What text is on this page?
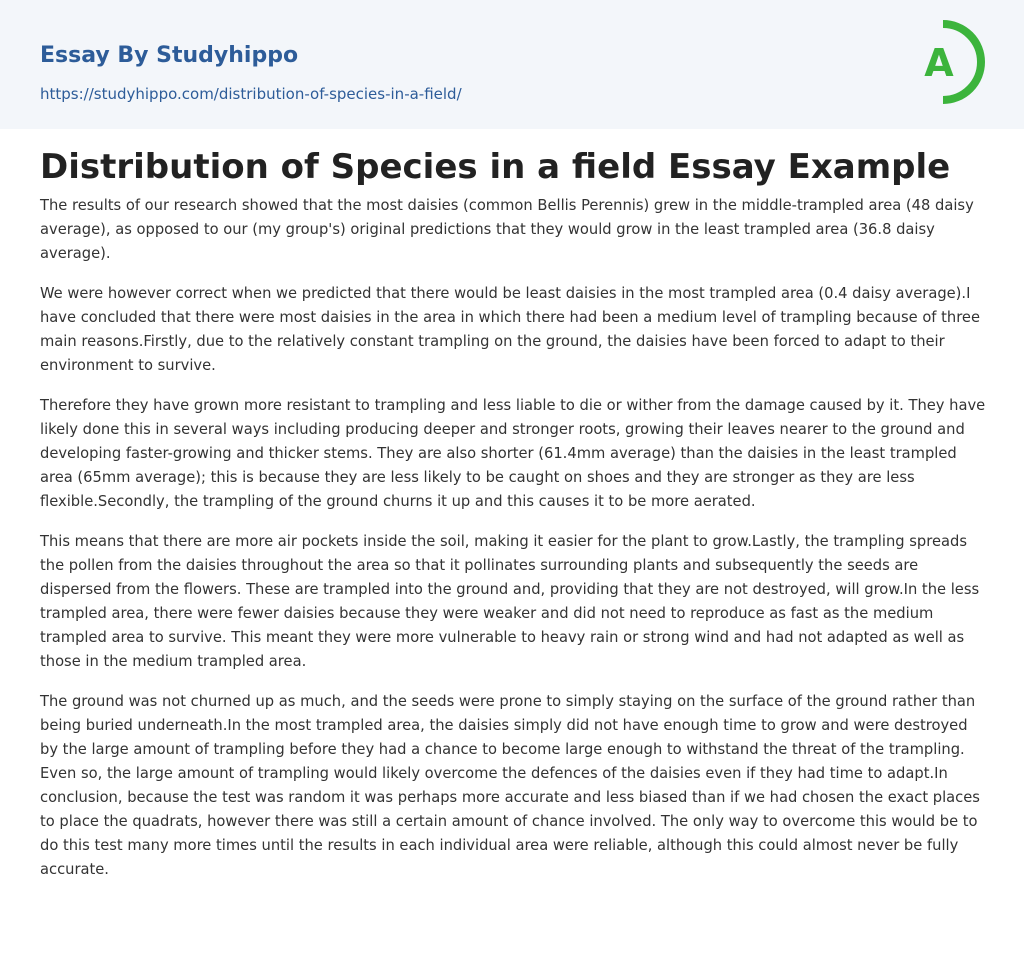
Essay By Studyhippo
https://studyhippo.com/distribution-of-species-in-a-field/
A
Distribution of Species in a field Essay Example

The results of our research showed that the most daisies (common Bellis Perennis) grew in the middle-trampled area (48 daisy average), as opposed to our (my group's) original predictions that they would grow in the least trampled area (36.8 daisy average).

We were however correct when we predicted that there would be least daisies in the most trampled area (0.4 daisy average).I have concluded that there were most daisies in the area in which there had been a medium level of trampling because of three main reasons.Firstly, due to the relatively constant trampling on the ground, the daisies have been forced to adapt to their environment to survive.

Therefore they have grown more resistant to trampling and less liable to die or wither from the damage caused by it. They have likely done this in several ways including producing deeper and stronger roots, growing their leaves nearer to the ground and developing faster-growing and thicker stems. They are also shorter (61.4mm average) than the daisies in the least trampled area (65mm average); this is because they are less likely to be caught on shoes and they are stronger as they are less flexible.Secondly, the trampling of the ground churns it up and this causes it to be more aerated.

This means that there are more air pockets inside the soil, making it easier for the plant to grow.Lastly, the trampling spreads the pollen from the daisies throughout the area so that it pollinates surrounding plants and subsequently the seeds are dispersed from the flowers. These are trampled into the ground and, providing that they are not destroyed, will grow.In the less trampled area, there were fewer daisies because they were weaker and did not need to reproduce as fast as the medium trampled area to survive. This meant they were more vulnerable to heavy rain or strong wind and had not adapted as well as those in the medium trampled area.

The ground was not churned up as much, and the seeds were prone to simply staying on the surface of the ground rather than being buried underneath.In the most trampled area, the daisies simply did not have enough time to grow and were destroyed by the large amount of trampling before they had a chance to become large enough to withstand the threat of the trampling. Even so, the large amount of trampling would likely overcome the defences of the daisies even if they had time to adapt.In conclusion, because the test was random it was perhaps more accurate and less biased than if we had chosen the exact places to place the quadrats, however there was still a certain amount of chance involved. The only way to overcome this would be to do this test many more times until the results in each individual area were reliable, although this could almost never be fully accurate.
